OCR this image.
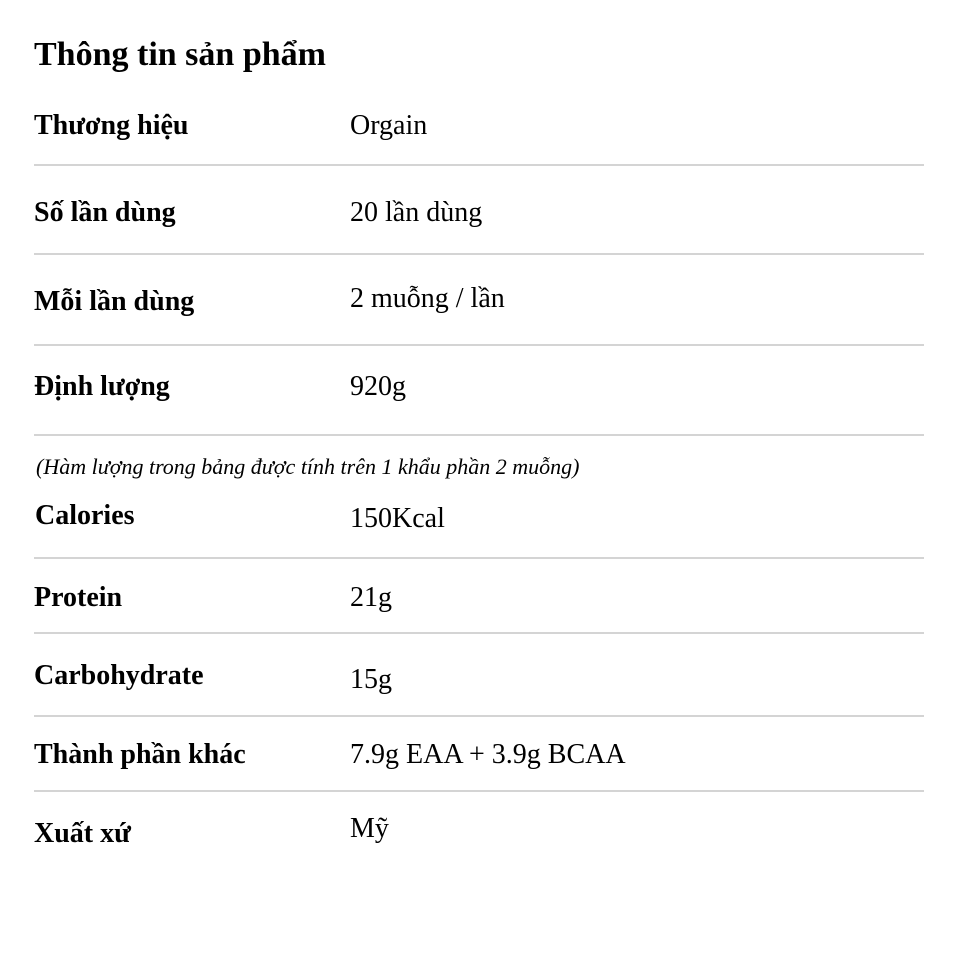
Thông tin sản phẩm
Thương hiệu	Orgain
Số lần dùng	20 lần dùng
Mỗi lần dùng	2 muỗng / lần
Định lượng	920g
(Hàm lượng trong bảng được tính trên 1 khẩu phần 2 muỗng)
Calories	150Kcal
Protein	21g
Carbohydrate	15g
Thành phần khác	7.9g EAA + 3.9g BCAA
Xuất xứ	Mỹ
